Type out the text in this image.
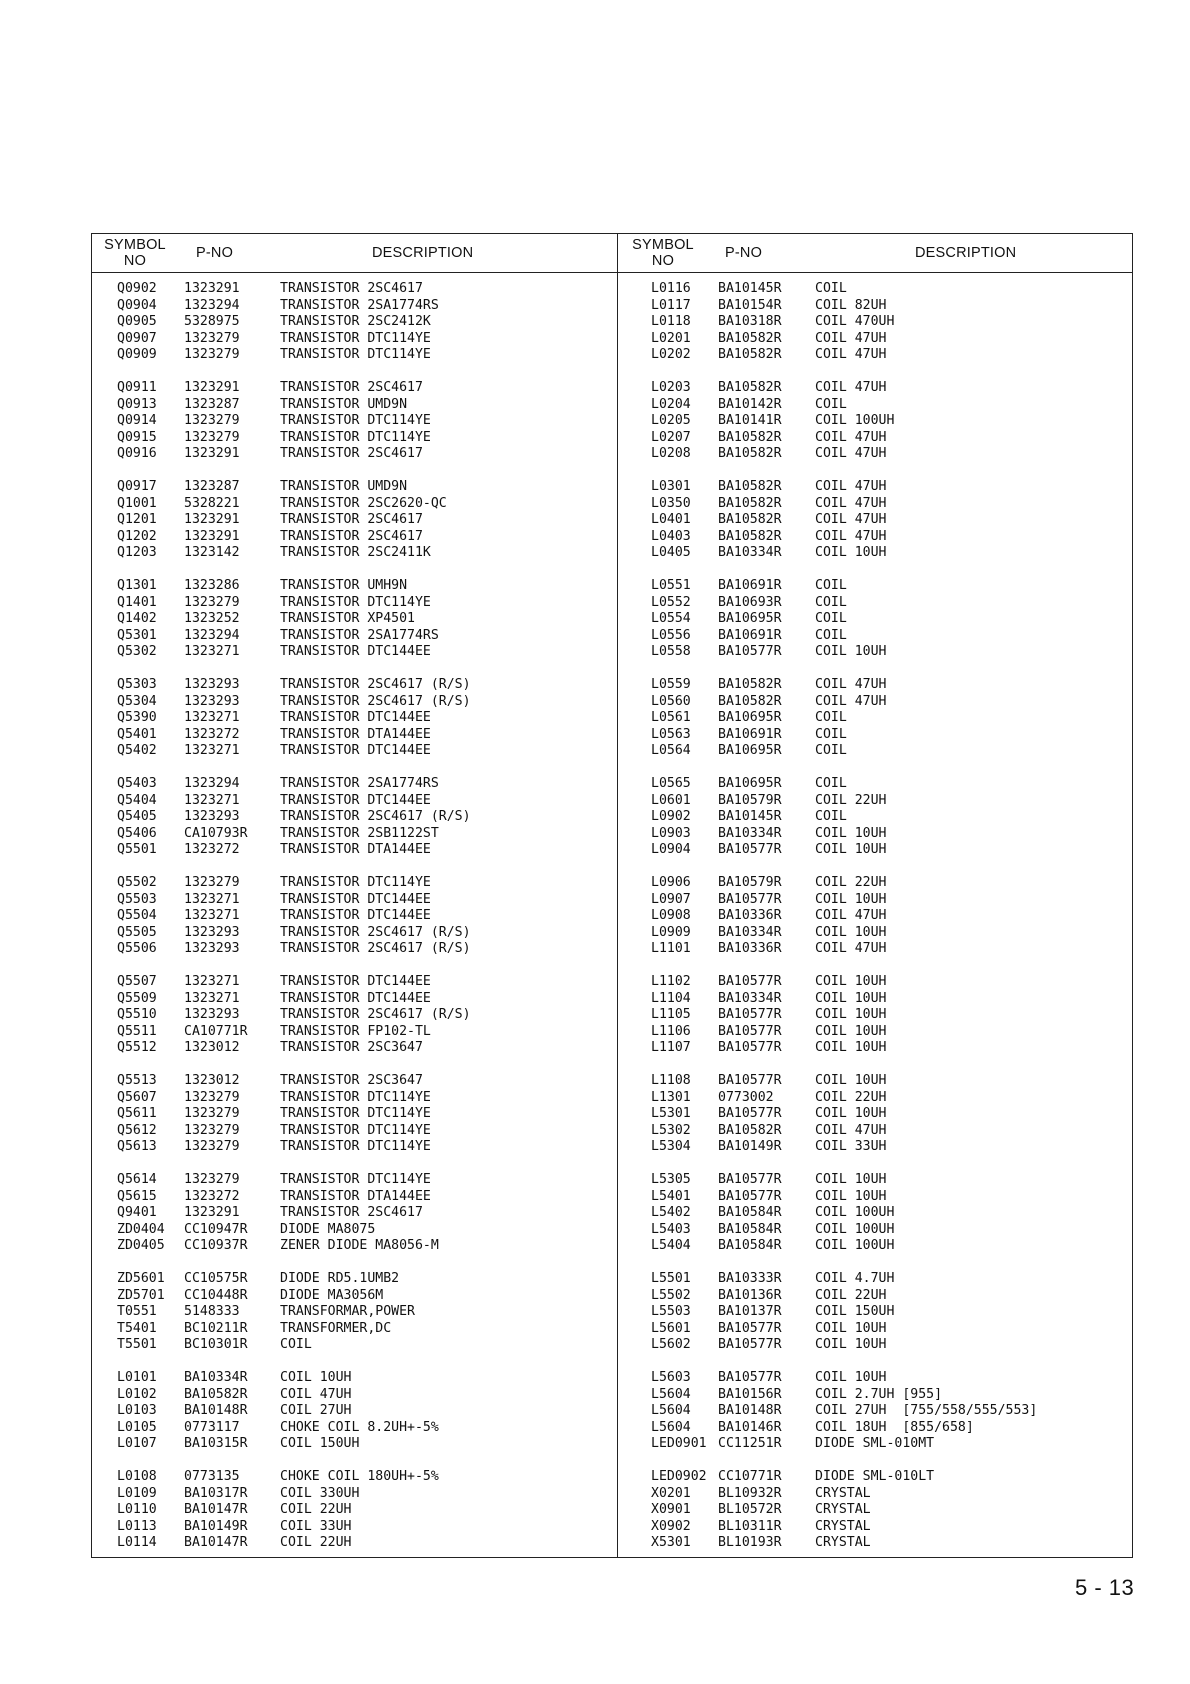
SYMBOL
NO	P-NO	DESCRIPTION
Q0902 1323291	TRANSISTOR 2SC4617
Q0904 1323294	TRANSISTOR 2SA1774RS
Q0905 5328975	TRANSISTOR 2SC2412K
Q0907 1323279	TRANSISTOR DTC114YE
Q0909 1323279	TRANSISTOR DTC114YE
Q0911 1323291	TRANSISTOR 2SC4617
Q0913 1323287	TRANSISTOR UMD9N
Q0914 1323279	TRANSISTOR DTC114YE
Q0915 1323279	TRANSISTOR DTC114YE
Q0916 1323291	TRANSISTOR 2SC4617
Q0917 1323287	TRANSISTOR UMD9N
Q1001 5328221	TRANSISTOR 2SC2620-QC
Q1201 1323291	TRANSISTOR 2SC4617
Q1202 1323291	TRANSISTOR 2SC4617
Q1203 1323142	TRANSISTOR 2SC2411K
Q1301 1323286	TRANSISTOR UMH9N
Q1401 1323279	TRANSISTOR DTC114YE
Q1402 1323252	TRANSISTOR XP4501
Q5301 1323294	TRANSISTOR 2SA1774RS
Q5302 1323271	TRANSISTOR DTC144EE
Q5303 1323293	TRANSISTOR 2SC4617 (R/S)
Q5304 1323293	TRANSISTOR 2SC4617 (R/S)
Q5390 1323271	TRANSISTOR DTC144EE
Q5401 1323272	TRANSISTOR DTA144EE
Q5402 1323271	TRANSISTOR DTC144EE
Q5403 1323294	TRANSISTOR 2SA1774RS
Q5404 1323271	TRANSISTOR DTC144EE
Q5405 1323293	TRANSISTOR 2SC4617 (R/S)
Q5406 CA10793R TRANSISTOR 2SB1122ST
Q5501 1323272	TRANSISTOR DTA144EE
Q5502 1323279	TRANSISTOR DTC114YE
Q5503 1323271	TRANSISTOR DTC144EE
Q5504 1323271	TRANSISTOR DTC144EE
Q5505 1323293	TRANSISTOR 2SC4617 (R/S)
Q5506 1323293	TRANSISTOR 2SC4617 (R/S)
Q5507 1323271	TRANSISTOR DTC144EE
Q5509 1323271	TRANSISTOR DTC144EE
Q5510 1323293	TRANSISTOR 2SC4617 (R/S)
Q5511 CA10771R TRANSISTOR FP102-TL
Q5512 1323012	TRANSISTOR 2SC3647
Q5513 1323012	TRANSISTOR 2SC3647
Q5607 1323279	TRANSISTOR DTC114YE
Q5611 1323279	TRANSISTOR DTC114YE
Q5612 1323279	TRANSISTOR DTC114YE
Q5613 1323279	TRANSISTOR DTC114YE
Q5614 1323279	TRANSISTOR DTC114YE
Q5615 1323272	TRANSISTOR DTA144EE
Q9401 1323291	TRANSISTOR 2SC4617
ZD0404 CC10947R DIODE MA8075
ZD0405 CC10937R ZENER DIODE MA8056-M
ZD5601 CC10575R DIODE RD5.1UMB2
ZD5701 CC10448R DIODE MA3056M
T0551 5148333	TRANSFORMAR,POWER
T5401 BC10211R TRANSFORMER,DC
T5501 BC10301R COIL
L0101 BA10334R COIL 10UH
L0102 BA10582R COIL 47UH
L0103 BA10148R COIL 27UH
L0105 0773117	CHOKE COIL 8.2UH+-5%
L0107 BA10315R COIL 150UH
L0108 0773135	CHOKE COIL 180UH+-5%
L0109 BA10317R COIL 330UH
L0110 BA10147R COIL 22UH
L0113 BA10149R COIL 33UH
L0114 BA10147R COIL 22UH
SYMBOL
NO	P-NO	DESCRIPTION
L0116 BA10145R	COIL
L0117 BA10154R	COIL 82UH
L0118 BA10318R	COIL 470UH
L0201 BA10582R	COIL 47UH
L0202 BA10582R	COIL 47UH
L0203 BA10582R	COIL 47UH
L0204 BA10142R	COIL
L0205 BA10141R	COIL 100UH
L0207 BA10582R	COIL 47UH
L0208 BA10582R	COIL 47UH
L0301 BA10582R	COIL 47UH
L0350 BA10582R	COIL 47UH
L0401 BA10582R	COIL 47UH
L0403 BA10582R	COIL 47UH
L0405 BA10334R	COIL 10UH
L0551 BA10691R	COIL
L0552 BA10693R	COIL
L0554 BA10695R	COIL
L0556 BA10691R	COIL
L0558 BA10577R	COIL 10UH
L0559 BA10582R	COIL 47UH
L0560 BA10582R	COIL 47UH
L0561 BA10695R	COIL
L0563 BA10691R	COIL
L0564 BA10695R	COIL
L0565 BA10695R	COIL
L0601 BA10579R	COIL 22UH
L0902 BA10145R	COIL
L0903 BA10334R	COIL 10UH
L0904 BA10577R	COIL 10UH
L0906 BA10579R	COIL 22UH
L0907 BA10577R	COIL 10UH
L0908 BA10336R	COIL 47UH
L0909 BA10334R	COIL 10UH
L1101 BA10336R	COIL 47UH
L1102 BA10577R	COIL 10UH
L1104 BA10334R	COIL 10UH
L1105 BA10577R	COIL 10UH
L1106 BA10577R	COIL 10UH
L1107 BA10577R	COIL 10UH
L1108 BA10577R	COIL 10UH
L1301 0773002	COIL 22UH
L5301 BA10577R	COIL 10UH
L5302 BA10582R	COIL 47UH
L5304 BA10149R	COIL 33UH
L5305 BA10577R	COIL 10UH
L5401 BA10577R	COIL 10UH
L5402 BA10584R	COIL 100UH
L5403 BA10584R	COIL 100UH
L5404 BA10584R	COIL 100UH
L5501 BA10333R	COIL 4.7UH
L5502 BA10136R	COIL 22UH
L5503 BA10137R	COIL 150UH
L5601 BA10577R	COIL 10UH
L5602 BA10577R	COIL 10UH
L5603 BA10577R	COIL 10UH
L5604 BA10156R	COIL 2.7UH [955]
L5604 BA10148R	COIL 27UH  [755/558/555/553]
L5604 BA10146R	COIL 18UH  [855/658]
LED0901 CC11251R	DIODE SML-010MT
LED0902 CC10771R	DIODE SML-010LT
X0201 BL10932R	CRYSTAL
X0901 BL10572R	CRYSTAL
X0902 BL10311R	CRYSTAL
X5301 BL10193R	CRYSTAL
5 - 13
